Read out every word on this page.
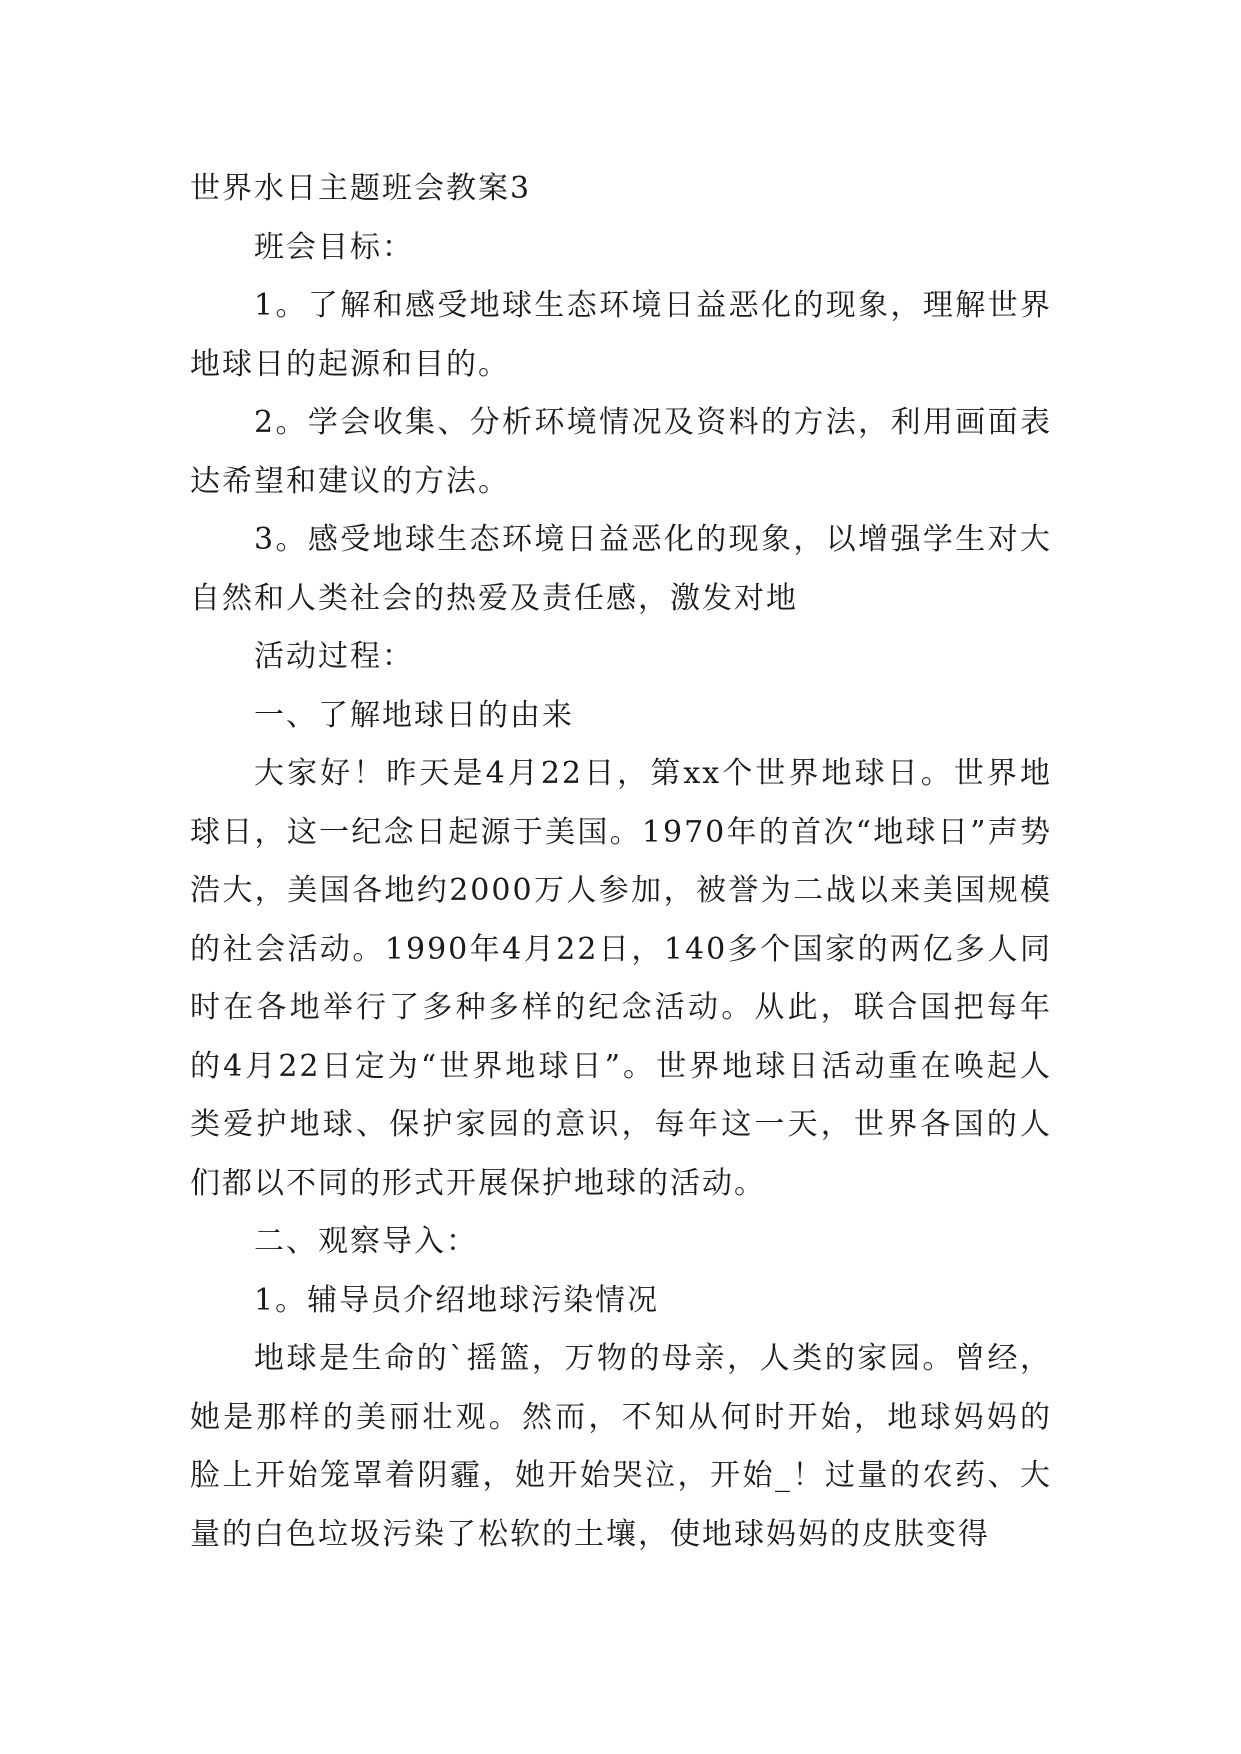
世界水日主题班会教案3

班会目标：

1。了解和感受地球生态环境日益恶化的现象，理解世界地球日的起源和目的。

2。学会收集、分析环境情况及资料的方法，利用画面表达希望和建议的方法。

3。感受地球生态环境日益恶化的现象，以增强学生对大自然和人类社会的热爱及责任感，激发对地

活动过程：

一、了解地球日的由来

大家好！昨天是4月22日，第xx个世界地球日。世界地球日，这一纪念日起源于美国。1970年的首次“地球日”声势浩大，美国各地约2000万人参加，被誉为二战以来美国规模的社会活动。1990年4月22日，140多个国家的两亿多人同时在各地举行了多种多样的纪念活动。从此，联合国把每年的4月22日定为“世界地球日”。世界地球日活动重在唤起人类爱护地球、保护家园的意识，每年这一天，世界各国的人们都以不同的形式开展保护地球的活动。

二、观察导入：

1。辅导员介绍地球污染情况

地球是生命的`摇篮，万物的母亲，人类的家园。曾经，她是那样的美丽壮观。然而，不知从何时开始，地球妈妈的脸上开始笼罩着阴霾，她开始哭泣，开始_！过量的农药、大量的白色垃圾污染了松软的土壤，使地球妈妈的皮肤变得
